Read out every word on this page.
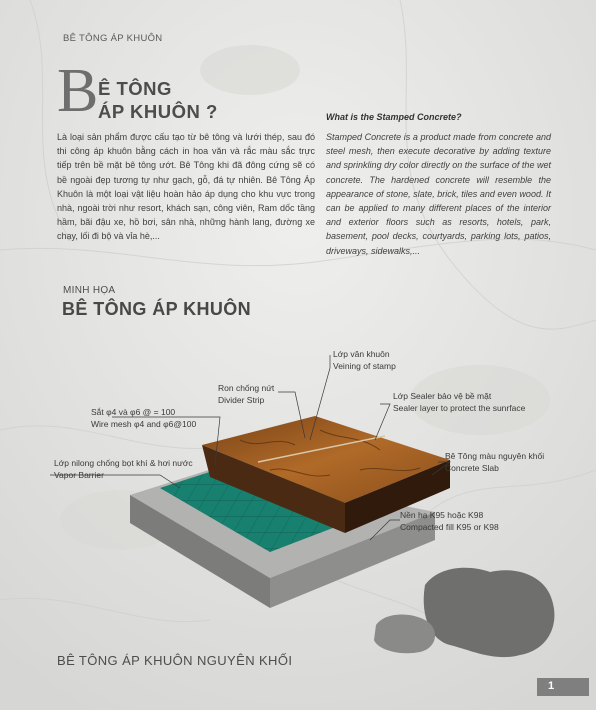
BÊ TÔNG ÁP KHUÔN
B Ê TÔNG
ÁP KHUÔN ?

Là loại sản phẩm được cấu tạo từ bê tông và lưới thép, sau đó thi công áp khuôn bằng cách in hoa văn và rắc màu sắc trực tiếp trên bề mặt bê tông ướt. Bê Tông khi đã đông cứng sẽ có bề ngoài đẹp tương tự như gạch, gỗ, đá tự nhiên. Bê Tông Áp Khuôn là một loại vật liệu hoàn hảo áp dụng cho khu vực trong nhà, ngoài trời như resort, khách sạn, công viên, Ram dốc tầng hầm, bãi đậu xe, hồ bơi, sân nhà, những hành lang, đường xe chạy, lối đi bộ và vỉa hè,...

What is the Stamped Concrete?

Stamped Concrete is a product made from concrete and steel mesh, then execute decorative by adding texture and sprinkling dry color directly on the surface of the wet concrete. The hardened concrete will resemble the appearance of stone, slate, brick, tiles and even wood. It can be applied to many different places of the interior and exterior floors such as resorts, hotels, park, basement, pool decks, courtyards, parking lots, patios, driveways, sidewalks,...

MINH HỌA
BÊ TÔNG ÁP KHUÔN
Lớp vân khuôn
Veining of stamp
Ron chống nứt
Divider Strip	Lớp Sealer bảo vệ bề mặt
Sealer layer to protect the sunrface
Sắt φ4 và φ6 @ = 100
Wire mesh φ4 and φ6@100
Lớp nilong chống bọt khí & hơi nước
Vapor Barrier
Bê Tông màu nguyên khối
Concrete Slab
Nền hạ K95 hoặc K98
Compacted fill K95 or K98
BÊ TÔNG ÁP KHUÔN NGUYÊN KHỐI
1
